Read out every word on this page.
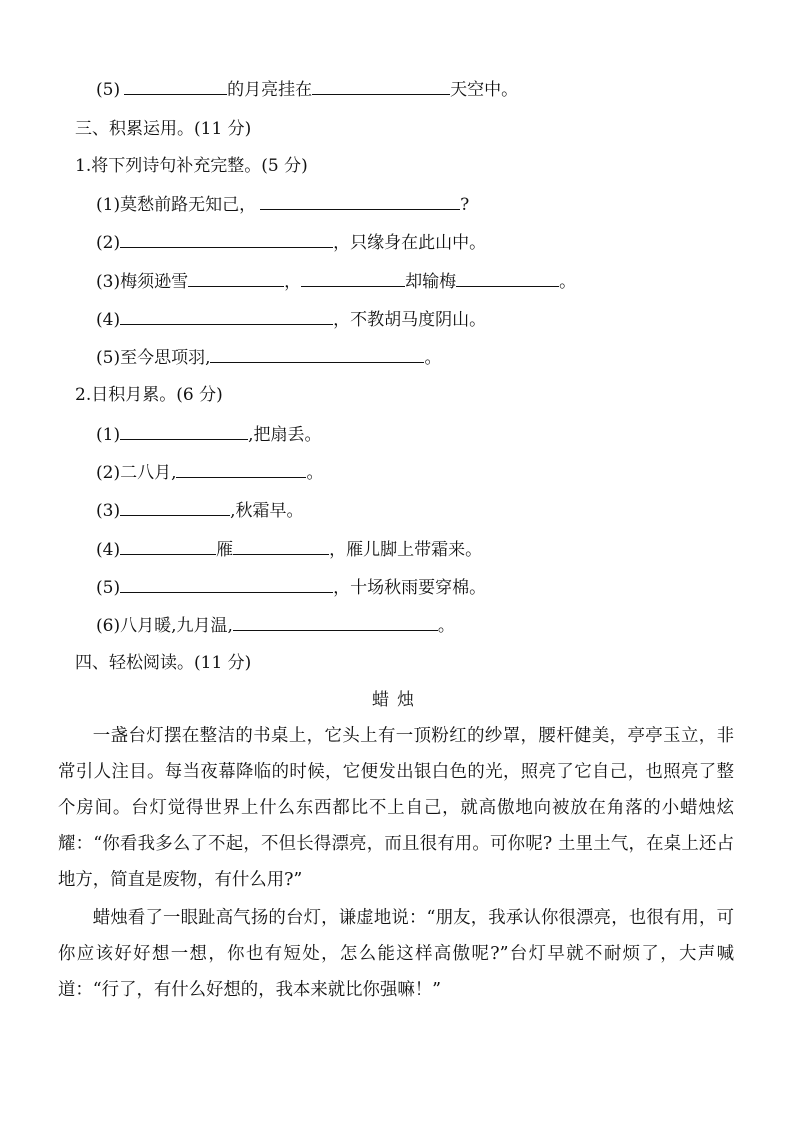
(5)	的月亮挂在	天空中。
三、积累运用。(11 分)
1.将下列诗句补充完整。(5 分)
(1)莫愁前路无知己，	?
(2)	，只缘身在此山中。
(3)梅须逊雪	，	却输梅	。
(4)	，不教胡马度阴山。
(5)至今思项羽,	。
2.日积月累。(6 分)
(1)	,把扇丢。
(2)二八月,	。
(3)	,秋霜早。
(4)	雁	，雁儿脚上带霜来。
(5)	，十场秋雨要穿棉。
(6)八月暖,九月温,	。
四、轻松阅读。(11 分)
蜡烛

一盏台灯摆在整洁的书桌上，它头上有一顶粉红的纱罩，腰杆健美，亭亭玉立，非常引人注目。每当夜幕降临的时候，它便发出银白色的光，照亮了它自己，也照亮了整个房间。台灯觉得世界上什么东西都比不上自己，就高傲地向被放在角落的小蜡烛炫耀：“你看我多么了不起，不但长得漂亮，而且很有用。可你呢? 土里土气，在桌上还占地方，简直是废物，有什么用?”

蜡烛看了一眼趾高气扬的台灯，谦虚地说：“朋友，我承认你很漂亮，也很有用，可你应该好好想一想，你也有短处，怎么能这样高傲呢?”台灯早就不耐烦了，大声喊道：“行了，有什么好想的，我本来就比你强嘛！”
